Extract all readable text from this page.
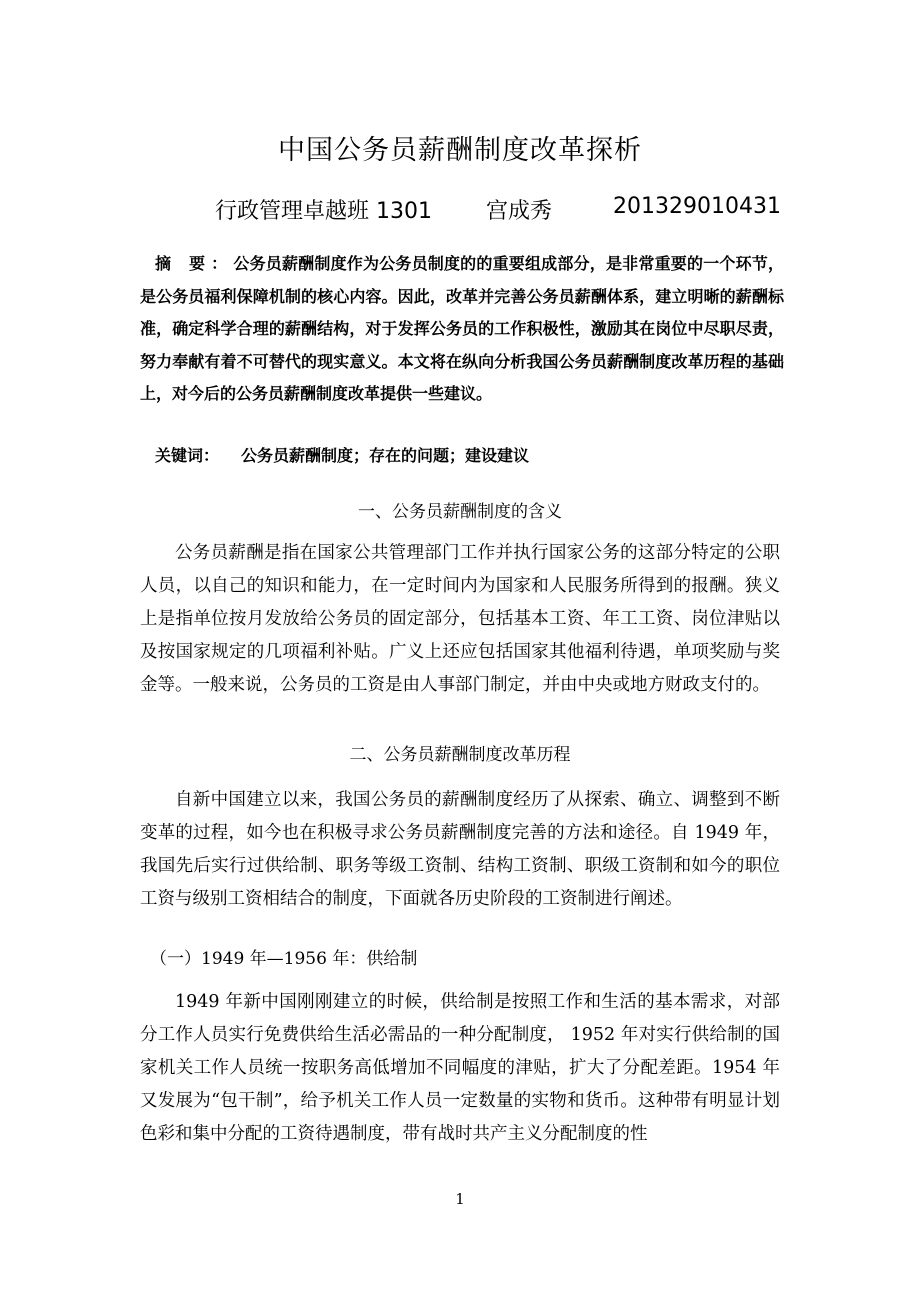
中国公务员薪酬制度改革探析
行政管理卓越班 1301 宫成秀	201329010431

摘 要：公务员薪酬制度作为公务员制度的的重要组成部分，是非常重要的一个环节，是公务员福利保障机制的核心内容。因此，改革并完善公务员薪酬体系，建立明晰的薪酬标准，确定科学合理的薪酬结构，对于发挥公务员的工作积极性，激励其在岗位中尽职尽责，努力奉献有着不可替代的现实意义。本文将在纵向分析我国公务员薪酬制度改革历程的基础上，对今后的公务员薪酬制度改革提供一些建议。

关键词： 公务员薪酬制度；存在的问题；建设建议
一、公务员薪酬制度的含义

公务员薪酬是指在国家公共管理部门工作并执行国家公务的这部分特定的公职人员，以自己的知识和能力，在一定时间内为国家和人民服务所得到的报酬。狭义上是指单位按月发放给公务员的固定部分，包括基本工资、年工工资、岗位津贴以及按国家规定的几项福利补贴。广义上还应包括国家其他福利待遇，单项奖励与奖金等。一般来说，公务员的工资是由人事部门制定，并由中央或地方财政支付的。

二、公务员薪酬制度改革历程

自新中国建立以来，我国公务员的薪酬制度经历了从探索、确立、调整到不断变革的过程，如今也在积极寻求公务员薪酬制度完善的方法和途径。自 1949 年，我国先后实行过供给制、职务等级工资制、结构工资制、职级工资制和如今的职位工资与级别工资相结合的制度，下面就各历史阶段的工资制进行阐述。

（一）1949 年—1956 年：供给制

1949 年新中国刚刚建立的时候，供给制是按照工作和生活的基本需求，对部分工作人员实行免费供给生活必需品的一种分配制度， 1952 年对实行供给制的国家机关工作人员统一按职务高低增加不同幅度的津贴，扩大了分配差距。1954 年又发展为“包干制”，给予机关工作人员一定数量的实物和货币。这种带有明显计划色彩和集中分配的工资待遇制度，带有战时共产主义分配制度的性

1
